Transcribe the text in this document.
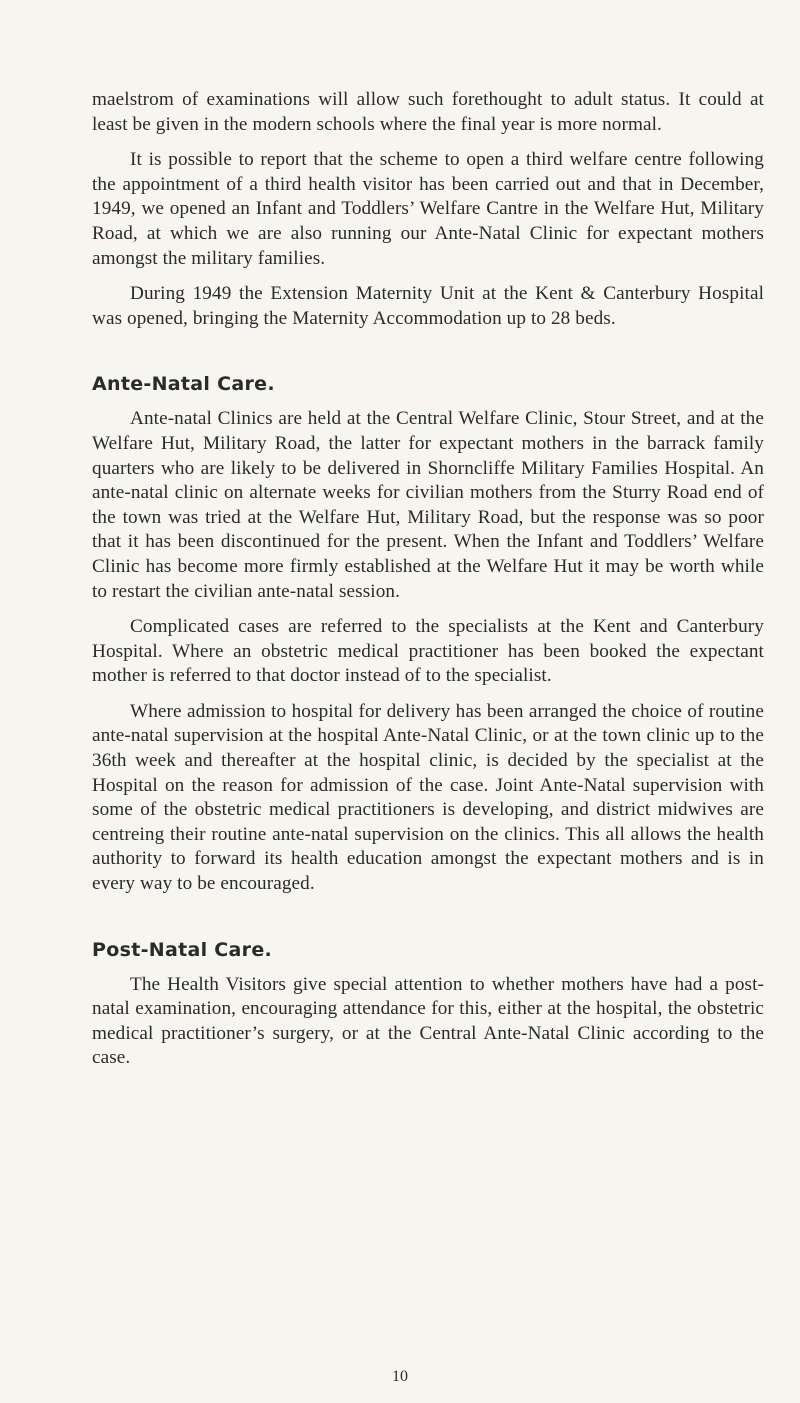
maelstrom of examinations will allow such forethought to adult status. It could at least be given in the modern schools where the final year is more normal.

It is possible to report that the scheme to open a third welfare centre following the appointment of a third health visitor has been carried out and that in December, 1949, we opened an Infant and Toddlers’ Welfare Cantre in the Welfare Hut, Military Road, at which we are also running our Ante-Natal Clinic for expectant mothers amongst the military families.

During 1949 the Extension Maternity Unit at the Kent & Canterbury Hospital was opened, bringing the Maternity Accommodation up to 28 beds.

Ante-Natal Care.

Ante-natal Clinics are held at the Central Welfare Clinic, Stour Street, and at the Welfare Hut, Military Road, the latter for expectant mothers in the barrack family quarters who are likely to be delivered in Shorncliffe Military Families Hospital. An ante-natal clinic on alternate weeks for civilian mothers from the Sturry Road end of the town was tried at the Welfare Hut, Military Road, but the response was so poor that it has been discontinued for the present. When the Infant and Toddlers’ Welfare Clinic has become more firmly established at the Welfare Hut it may be worth while to restart the civilian ante-natal session.

Complicated cases are referred to the specialists at the Kent and Canterbury Hospital. Where an obstetric medical practitioner has been booked the expectant mother is referred to that doctor instead of to the specialist.

Where admission to hospital for delivery has been arranged the choice of routine ante-natal supervision at the hospital Ante-Natal Clinic, or at the town clinic up to the 36th week and thereafter at the hospital clinic, is decided by the specialist at the Hospital on the reason for admission of the case. Joint Ante-Natal supervision with some of the obstetric medical practitioners is developing, and district midwives are centreing their routine ante-natal supervision on the clinics. This all allows the health authority to forward its health education amongst the expectant mothers and is in every way to be encouraged.

Post-Natal Care.

The Health Visitors give special attention to whether mothers have had a post-natal examination, encouraging attendance for this, either at the hospital, the obstetric medical practitioner’s surgery, or at the Central Ante-Natal Clinic according to the case.

10
